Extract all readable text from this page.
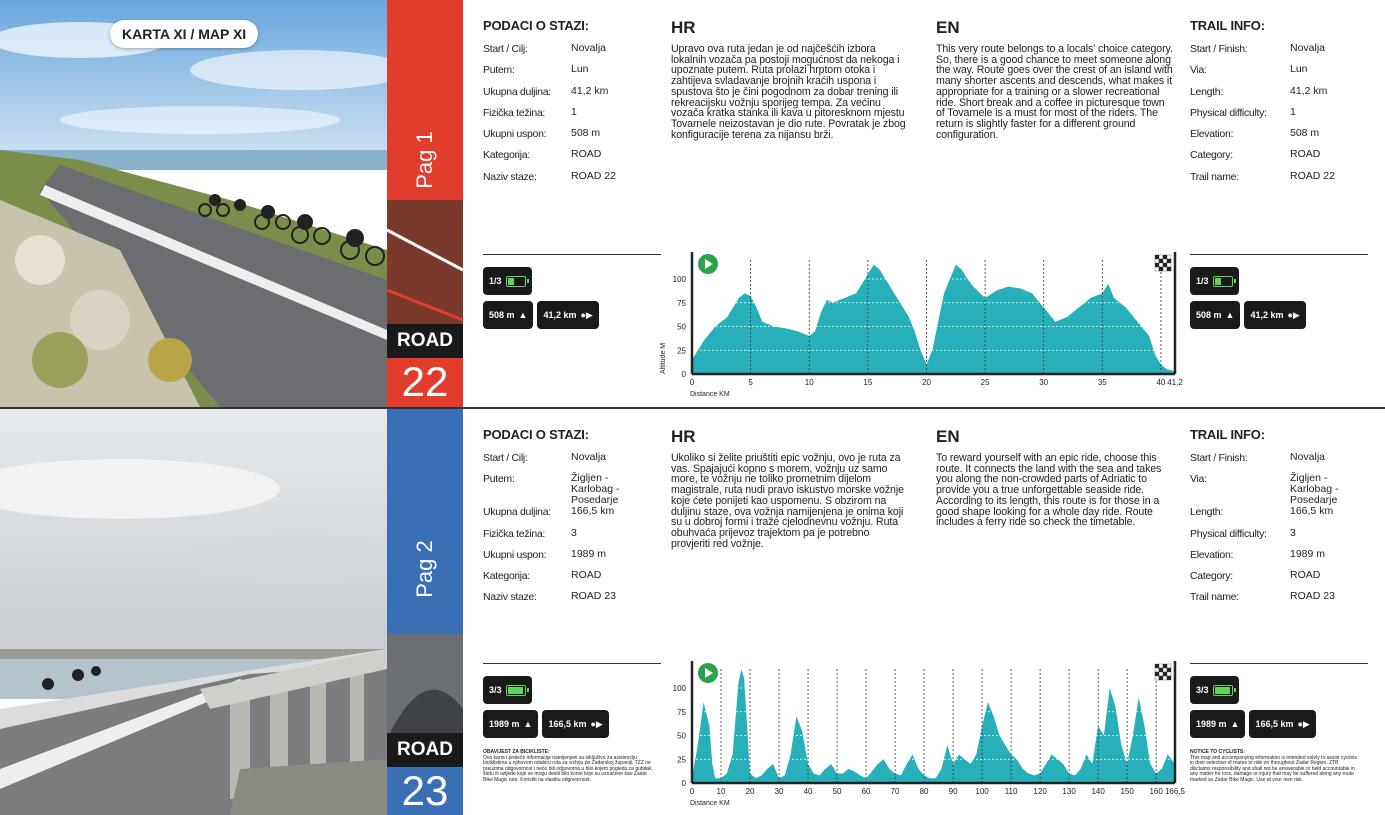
KARTA XI / MAP XI
Pag 1
ROAD
22
PODACI O STAZI:
Start / Cilj:	Novalja
Putem:	Lun
Ukupna duljina:	41,2 km
Fizička težina:	1
Ukupni uspon:	508 m
Kategorija:	ROAD
Naziv staze:	ROAD 22
HR

Upravo ova ruta jedan je od najčešćih izbora lokalnih vozača pa postoji mogućnost da nekoga i upoznate putem. Ruta prolazi hrptom otoka i zahtijeva svladavanje brojnih kraćih uspona i spustova što je čini pogodnom za dobar trening ili rekreacijsku vožnju sporijeg tempa. Za većinu vozača kratka stanka ili kava u pitoresknom mjestu Tovarnele neizostavan je dio rute. Povratak je zbog konfiguracije terena za nijansu brži.

EN

This very route belongs to a locals' choice category. So, there is a good chance to meet someone along the way. Route goes over the crest of an island with many shorter ascents and descends, what makes it appropriate for a training or a slower recreational ride. Short break and a coffee in picturesque town of Tovarnele is a must for most of the riders. The return is slightly faster for a different ground configuration.

TRAIL INFO:
Start / Finish:	Novalja
Via:	Lun
Length:	41,2 km
Physical difficulty:	1
Elevation:	508 m
Category:	ROAD
Trail name:	ROAD 22
1/3

508 m ▲ 41,2 km ●▶
1/3

508 m ▲ 41,2 km ●▶
0
25
50
75
100
0	5	10	15	20	25	30	35	40 41,2
Distance KM
Altitude M
Pag 2
ROAD
23
PODACI O STAZI:
Start / Cilj:	Novalja
Putem:	Žigljen - Karlobag - Posedarje
Ukupna duljina:	166,5 km
Fizička težina:	3
Ukupni uspon:	1989 m
Kategorija:	ROAD
Naziv staze:	ROAD 23
HR

Ukoliko si želite priuštiti epic vožnju, ovo je ruta za vas. Spajajući kopno s morem, vožnju uz samo more, te vožnju ne toliko prometnim dijelom magistrale, ruta nudi pravo iskustvo morske vožnje koje ćete ponijeti kao uspomenu. S obzirom na duljinu staze, ova vožnja namijenjena je onima koji su u dobroj formi i traže cjelodnevnu vožnju. Ruta obuhvaća prijevoz trajektom pa je potrebno provjeriti red vožnje.

EN

To reward yourself with an epic ride, choose this route. It connects the land with the sea and takes you along the non-crowded parts of Adriatic to provide you a true unforgettable seaside ride. According to its length, this route is for those in a good shape looking for a whole day ride. Route includes a ferry ride so check the timetable.

TRAIL INFO:
Start / Finish:	Novalja
Via:	Žigljen - Karlobag - Posedarje
Length:	166,5 km
Physical difficulty:	3
Elevation:	1989 m
Category:	ROAD
Trail name:	ROAD 23
3/3

1989 m ▲ 166,5 km ●▶
OBAVIJEST ZA BICIKLISTE:
Ova karta i prateće informacije namijenjeni su isključivo za asistenciju biciklistima u njihovom odabiru ruta za vožnju po Zadarskoj županiji. TZZ ne preuzima odgovornost i neće biti odgovorna u bilo kojem pogledu za gubitak, štetu ili ozljede koje se mogu desiti bilo kome koje su označene kao Zadar Bike Magic rute. Koristiti na vlastitu odgovornost.
3/3

1989 m ▲ 166,5 km ●▶
NOTICE TO CYCLISTS:
This map and accompanying information is intended solely to assist cyclists in their selection of routes to ride on throughout Zadar Region. ZTB disclaims responsibility and shall not be answerable or held accountable in any matter for loss, damage or injury that may be suffered along any route marked as Zadar Bike Magic. Use at your own risk.
0
25
50
75
100
0	10	20	30	40	50	60	70	80	90 100 110 120 130 140 150 160 166,5
Distance KM
